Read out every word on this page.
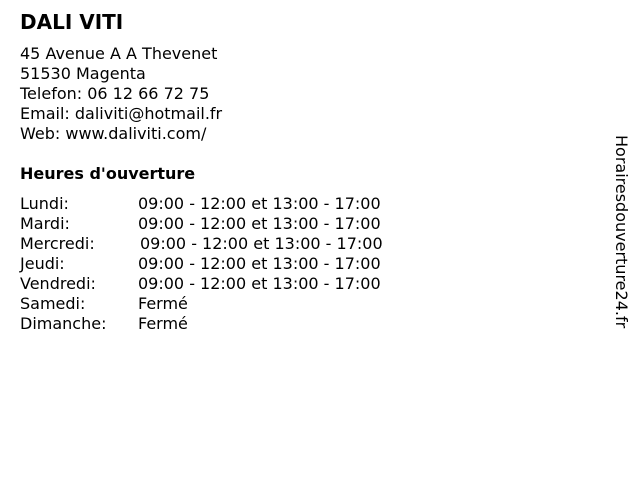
DALI VITI
45 Avenue A A Thevenet
51530 Magenta
Telefon: 06 12 66 72 75
Email: daliviti@hotmail.fr
Web: www.daliviti.com/
Heures d'ouverture
Lundi:	09:00 - 12:00 et 13:00 - 17:00
Mardi:	09:00 - 12:00 et 13:00 - 17:00
Mercredi:	09:00 - 12:00 et 13:00 - 17:00
Jeudi:	09:00 - 12:00 et 13:00 - 17:00
Vendredi:	09:00 - 12:00 et 13:00 - 17:00
Samedi:	Fermé
Dimanche: Fermé	Horairesdouverture24.fr
